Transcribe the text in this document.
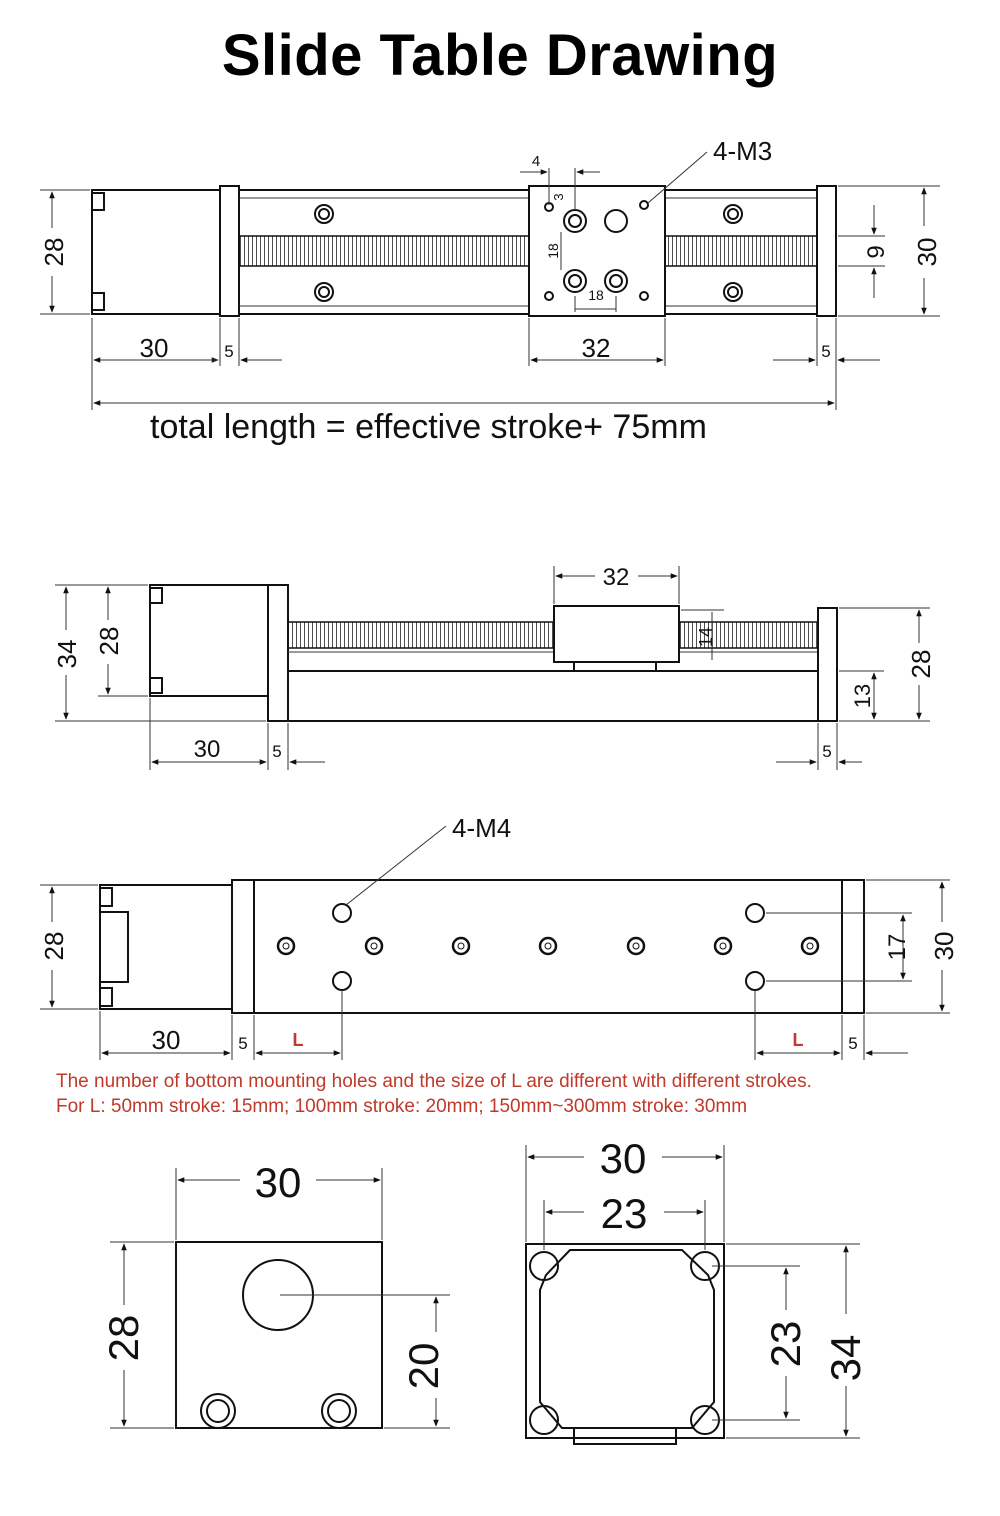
Slide Table Drawing
4-M3
28	30
9
4
3
18
18
30	5	32	5
32
14
34 28
28
13
30	5	5
4-M4
28	30
17
30	5 L	L	5
30
28
20
30
23
23 34
total length = effective stroke+ 75mm
The number of bottom mounting holes and the size of L are different with different strokes.
For L: 50mm stroke: 15mm; 100mm stroke: 20mm; 150mm~300mm stroke: 30mm
